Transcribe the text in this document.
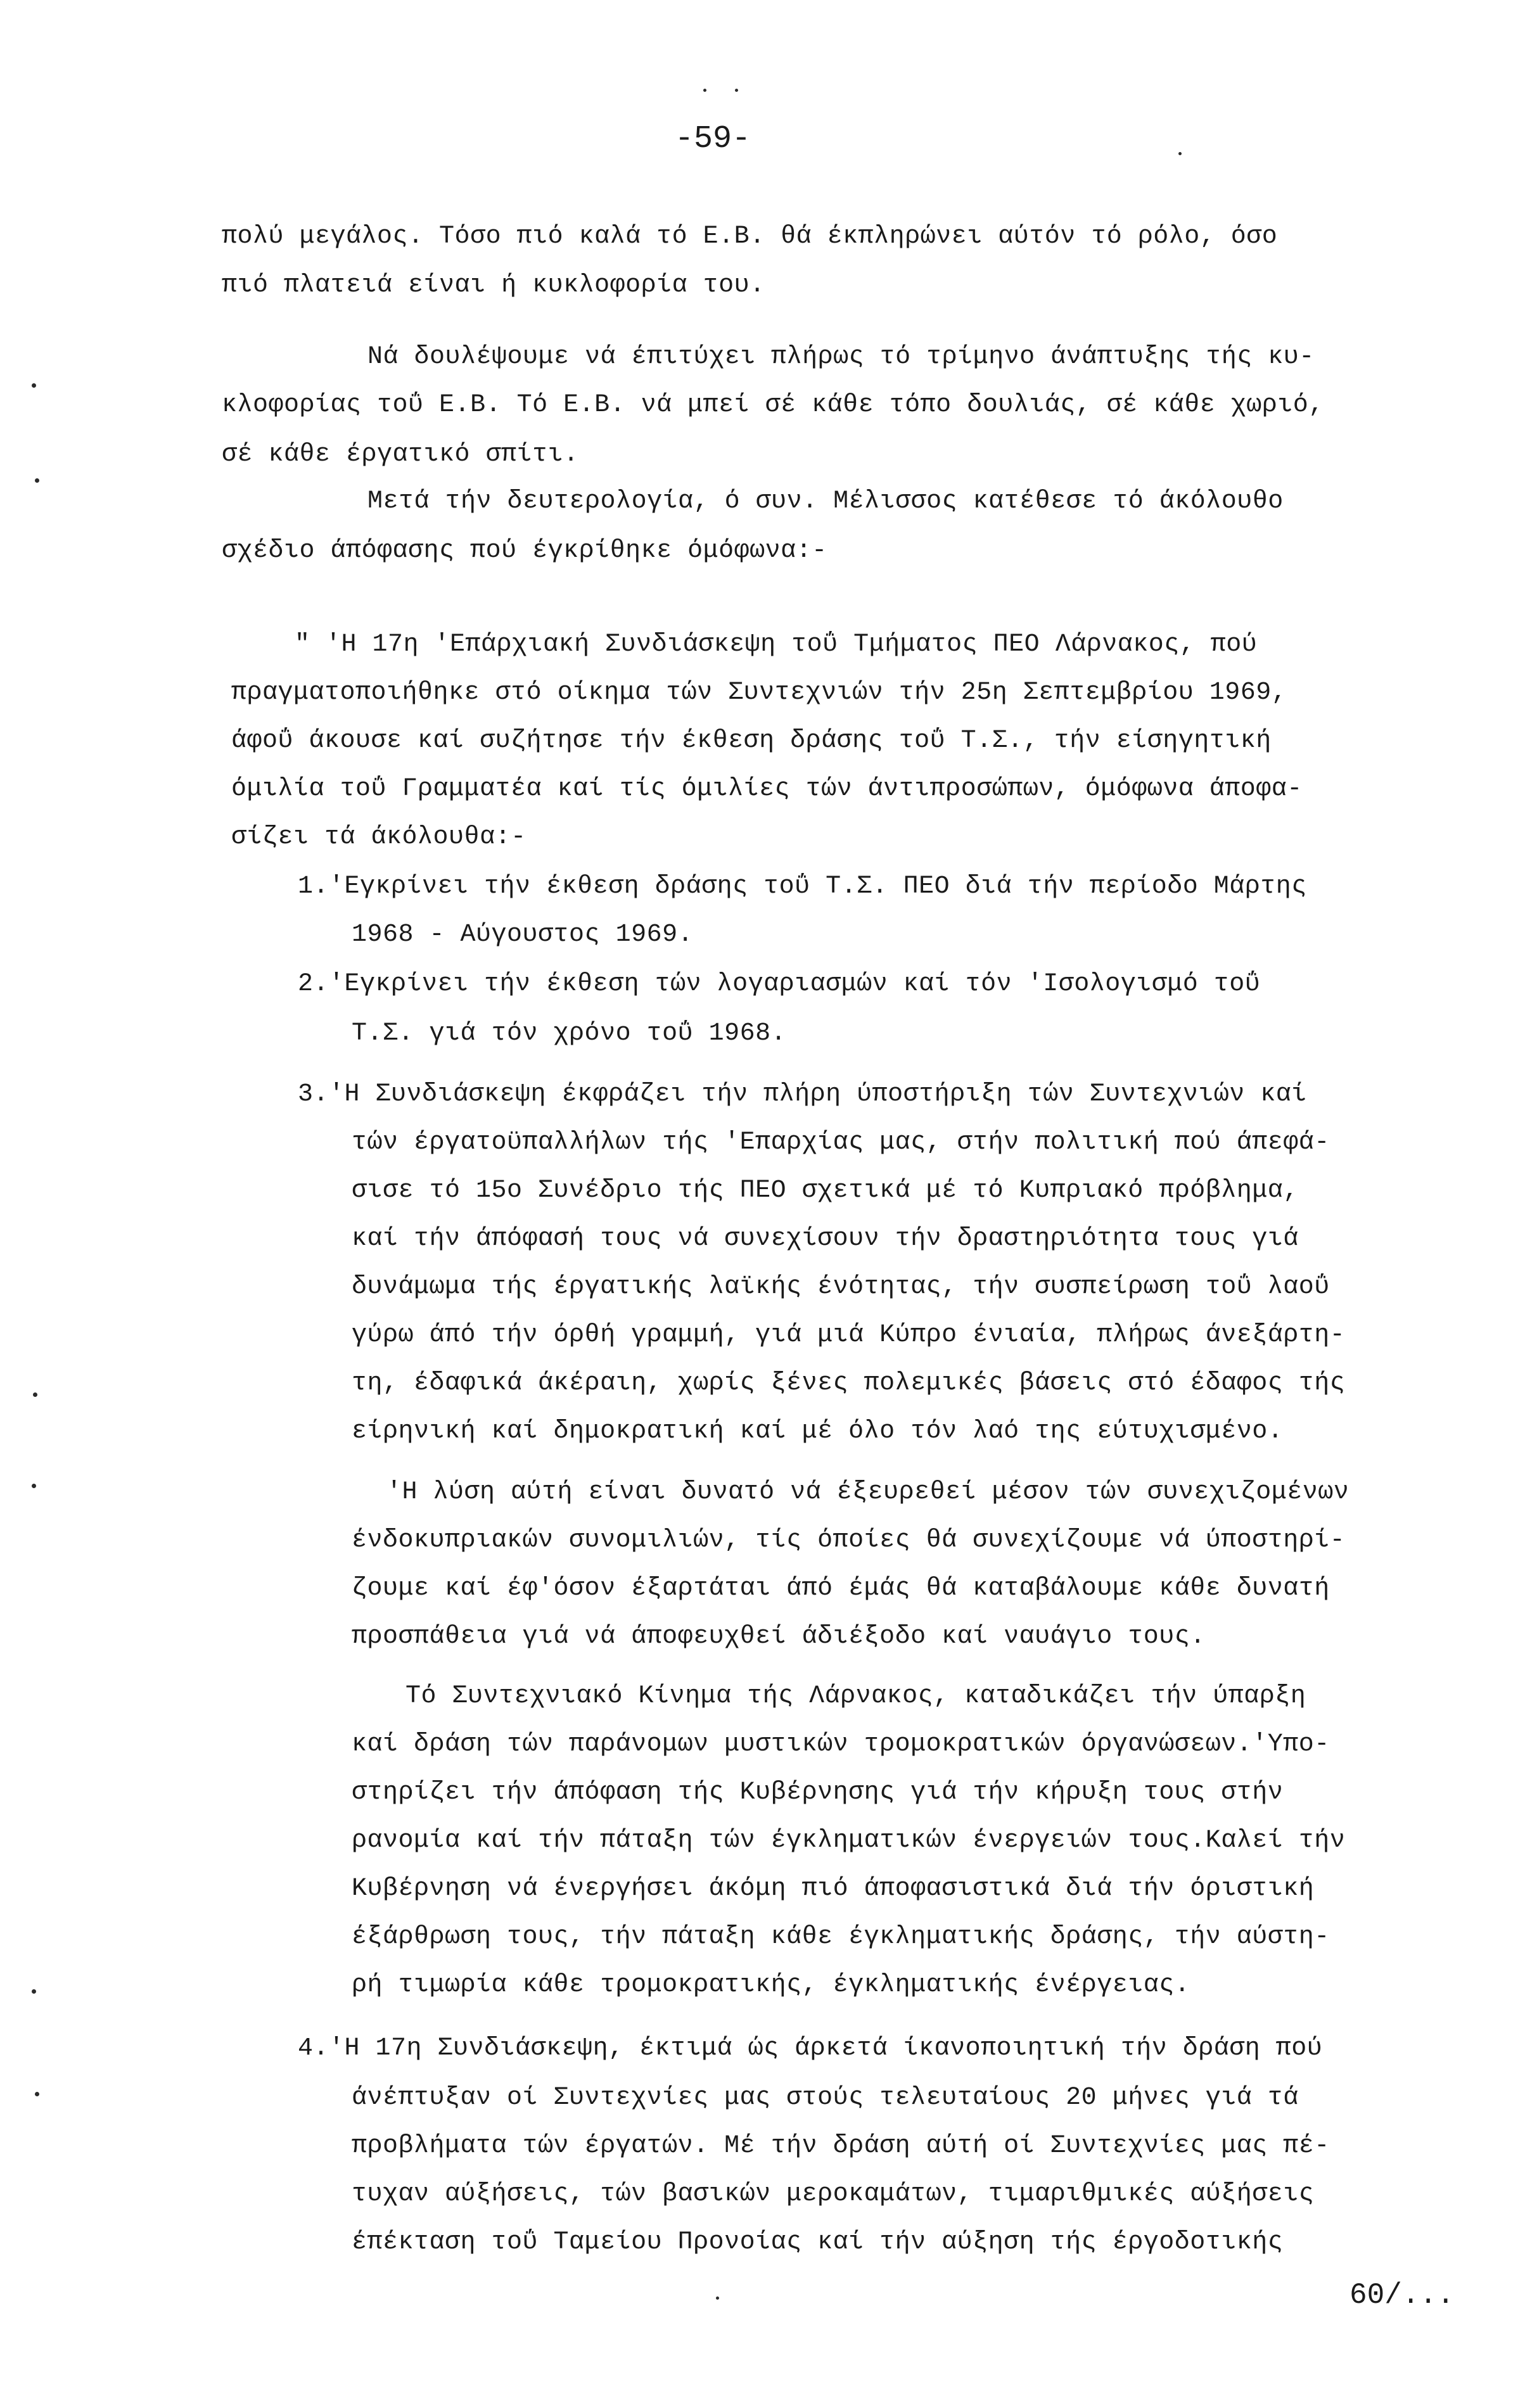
-59-
πολύ μεγάλος. Τόσο πιό καλά τό Ε.Β. θά έκπληρώνει αύτόν τό ρόλο, όσο
πιό πλατειά είναι ή κυκλοφορία του.
Νά δουλέψουμε νά έπιτύχει πλήρως τό τρίμηνο άνάπτυξης τής κυ-
κλοφορίας τοΰ Ε.Β. Τό Ε.Β. νά μπεί σέ κάθε τόπο δουλιάς, σέ κάθε χωριό,
σέ κάθε έργατικό σπίτι.
Μετά τήν δευτερολογία, ό συν. Μέλισσος κατέθεσε τό άκόλουθο
σχέδιο άπόφασης πού έγκρίθηκε όμόφωνα:-
" 'Η 17η 'Επάρχιακή Συνδιάσκεψη τοΰ Τμήματος ΠΕΟ Λάρνακος, πού
πραγματοποιήθηκε στό οίκημα τών Συντεχνιών τήν 25η Σεπτεμβρίου 1969,
άφοΰ άκουσε καί συζήτησε τήν έκθεση δράσης τοΰ Τ.Σ., τήν είσηγητική
όμιλία τοΰ Γραμματέα καί τίς όμιλίες τών άντιπροσώπων, όμόφωνα άποφα-
σίζει τά άκόλουθα:-
1.'Εγκρίνει τήν έκθεση δράσης τοΰ Τ.Σ. ΠΕΟ διά τήν περίοδο Μάρτης
1968 - Αύγουστος 1969.
2.'Εγκρίνει τήν έκθεση τών λογαριασμών καί τόν 'Ισολογισμό τοΰ
Τ.Σ. γιά τόν χρόνο τοΰ 1968.
3.'Η Συνδιάσκεψη έκφράζει τήν πλήρη ύποστήριξη τών Συντεχνιών καί
τών έργατοϋπαλλήλων τής 'Επαρχίας μας, στήν πολιτική πού άπεφά-
σισε τό 15ο Συνέδριο τής ΠΕΟ σχετικά μέ τό Κυπριακό πρόβλημα,
καί τήν άπόφασή τους νά συνεχίσουν τήν δραστηριότητα τους γιά
δυνάμωμα τής έργατικής λαϊκής ένότητας, τήν συσπείρωση τοΰ λαοΰ
γύρω άπό τήν όρθή γραμμή, γιά μιά Κύπρο ένιαία, πλήρως άνεξάρτη-
τη, έδαφικά άκέραιη, χωρίς ξένες πολεμικές βάσεις στό έδαφος τής
είρηνική καί δημοκρατική καί μέ όλο τόν λαό της εύτυχισμένο.
'Η λύση αύτή είναι δυνατό νά έξευρεθεί μέσον τών συνεχιζομένων
ένδοκυπριακών συνομιλιών, τίς όποίες θά συνεχίζουμε νά ύποστηρί-
ζουμε καί έφ'όσον έξαρτάται άπό έμάς θά καταβάλουμε κάθε δυνατή
προσπάθεια γιά νά άποφευχθεί άδιέξοδο καί ναυάγιο τους.
Τό Συντεχνιακό Κίνημα τής Λάρνακος, καταδικάζει τήν ύπαρξη
καί δράση τών παράνομων μυστικών τρομοκρατικών όργανώσεων.'Υπο-
στηρίζει τήν άπόφαση τής Κυβέρνησης γιά τήν κήρυξη τους στήν
ρανομία καί τήν πάταξη τών έγκληματικών ένεργειών τους.Καλεί τήν
Κυβέρνηση νά ένεργήσει άκόμη πιό άποφασιστικά διά τήν όριστική
έξάρθρωση τους, τήν πάταξη κάθε έγκληματικής δράσης, τήν αύστη-
ρή τιμωρία κάθε τρομοκρατικής, έγκληματικής ένέργειας.
4.'Η 17η Συνδιάσκεψη, έκτιμά ώς άρκετά ίκανοποιητική τήν δράση πού
άνέπτυξαν οί Συντεχνίες μας στούς τελευταίους 20 μήνες γιά τά
προβλήματα τών έργατών. Μέ τήν δράση αύτή οί Συντεχνίες μας πέ-
τυχαν αύξήσεις, τών βασικών μεροκαμάτων, τιμαριθμικές αύξήσεις
έπέκταση τοΰ Ταμείου Προνοίας καί τήν αύξηση τής έργοδοτικής
60/...
